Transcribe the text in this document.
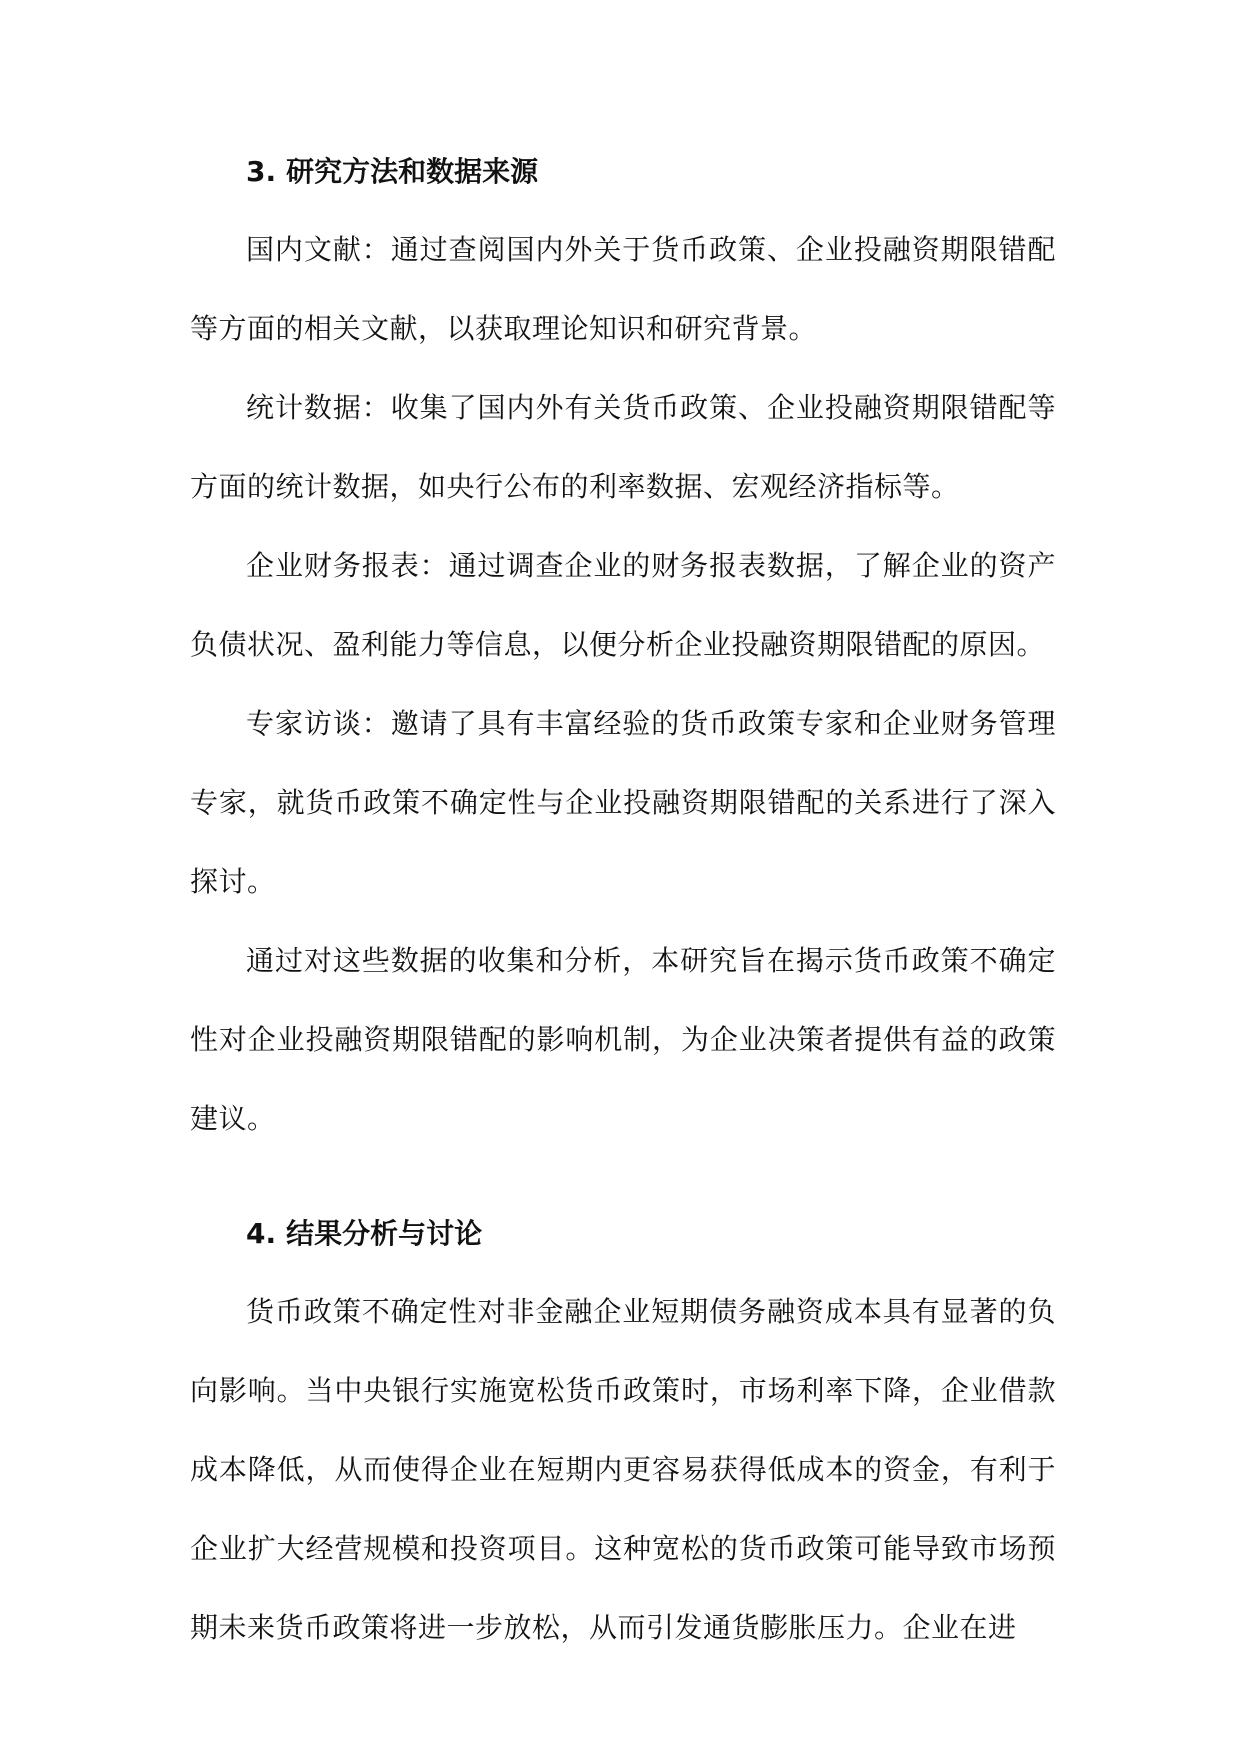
3. 研究方法和数据来源

国内文献：通过查阅国内外关于货币政策、企业投融资期限错配等方面的相关文献，以获取理论知识和研究背景。

统计数据：收集了国内外有关货币政策、企业投融资期限错配等方面的统计数据，如央行公布的利率数据、宏观经济指标等。

企业财务报表：通过调查企业的财务报表数据，了解企业的资产负债状况、盈利能力等信息，以便分析企业投融资期限错配的原因。

专家访谈：邀请了具有丰富经验的货币政策专家和企业财务管理专家，就货币政策不确定性与企业投融资期限错配的关系进行了深入探讨。

通过对这些数据的收集和分析，本研究旨在揭示货币政策不确定性对企业投融资期限错配的影响机制，为企业决策者提供有益的政策建议。

4. 结果分析与讨论

货币政策不确定性对非金融企业短期债务融资成本具有显著的负向影响。当中央银行实施宽松货币政策时，市场利率下降，企业借款成本降低，从而使得企业在短期内更容易获得低成本的资金，有利于企业扩大经营规模和投资项目。这种宽松的货币政策可能导致市场预期未来货币政策将进一步放松，从而引发通货膨胀压力。企业在进
